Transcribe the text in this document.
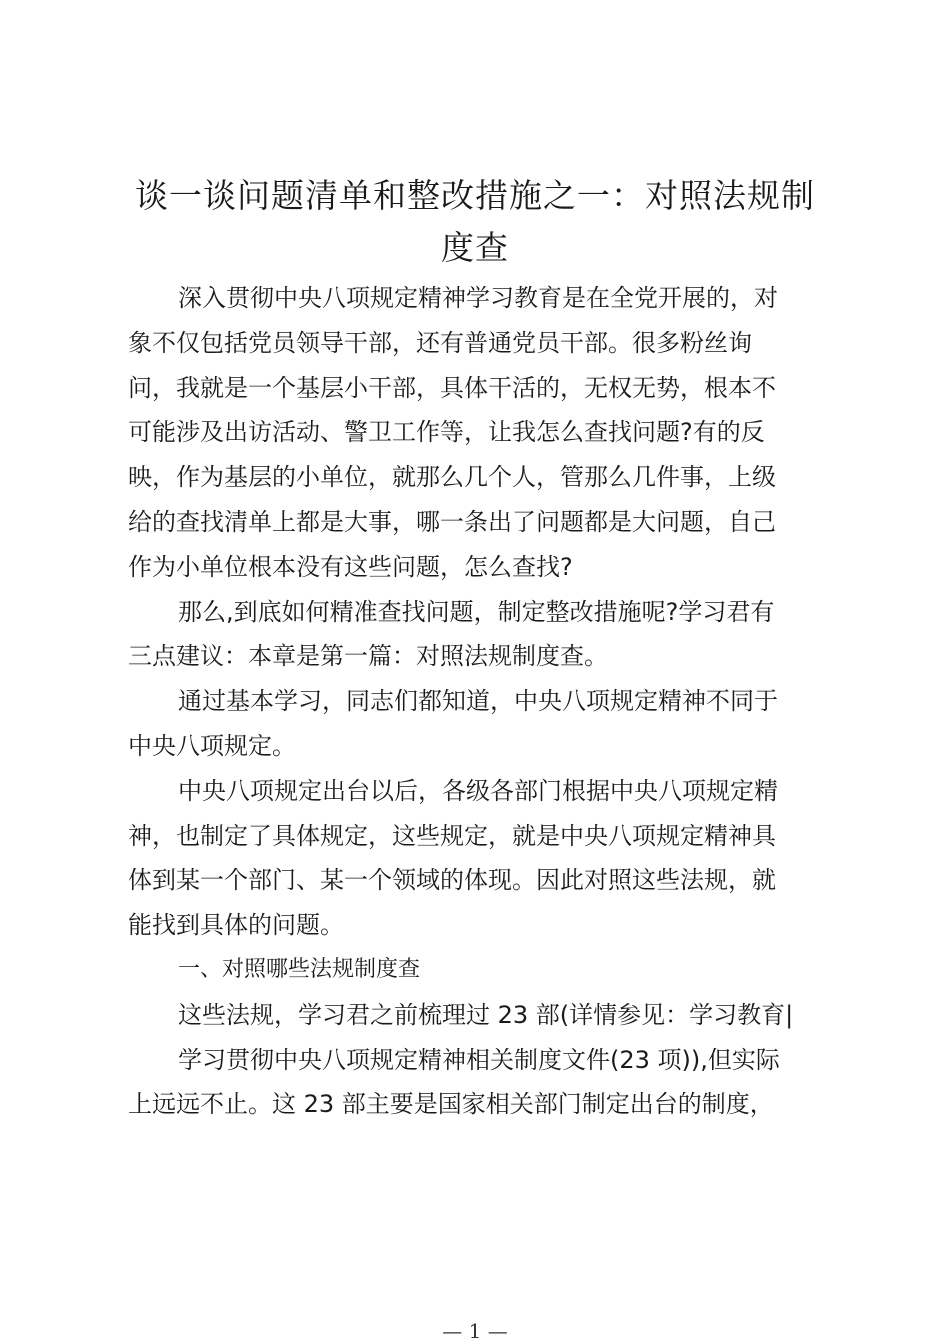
谈一谈问题清单和整改措施之一：对照法规制
度查
深入贯彻中央八项规定精神学习教育是在全党开展的，对
象不仅包括党员领导干部，还有普通党员干部。很多粉丝询
问，我就是一个基层小干部，具体干活的，无权无势，根本不
可能涉及出访活动、警卫工作等，让我怎么查找问题?有的反
映，作为基层的小单位，就那么几个人，管那么几件事，上级
给的查找清单上都是大事，哪一条出了问题都是大问题，自己
作为小单位根本没有这些问题，怎么查找?
那么,到底如何精准查找问题，制定整改措施呢?学习君有
三点建议：本章是第一篇：对照法规制度查。
通过基本学习，同志们都知道，中央八项规定精神不同于
中央八项规定。
中央八项规定出台以后，各级各部门根据中央八项规定精
神，也制定了具体规定，这些规定，就是中央八项规定精神具
体到某一个部门、某一个领域的体现。因此对照这些法规，就
能找到具体的问题。
一、对照哪些法规制度查
这些法规，学习君之前梳理过 23 部(详情参见：学习教育|
学习贯彻中央八项规定精神相关制度文件(23 项)),但实际
上远远不止。这 23 部主要是国家相关部门制定出台的制度，
— 1 —
